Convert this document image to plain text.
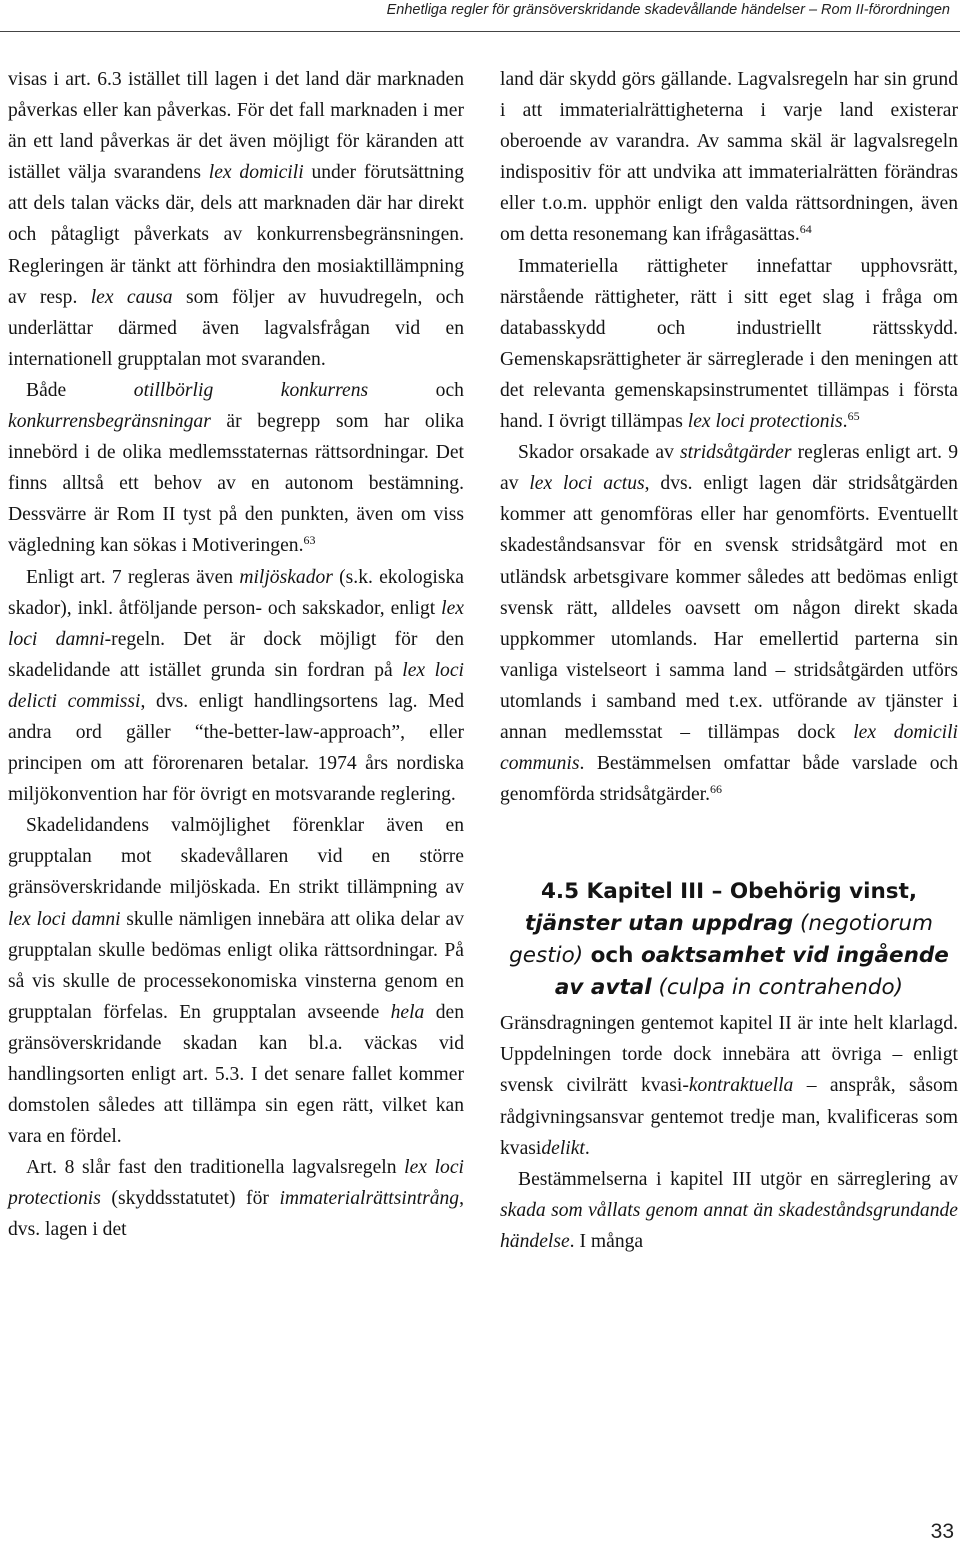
Enhetliga regler för gränsöverskridande skadevållande händelser – Rom II-förordningen

visas i art. 6.3 istället till lagen i det land där marknaden påverkas eller kan påverkas. För det fall marknaden i mer än ett land påverkas är det även möjligt för käranden att istället välja svarandens lex domicili under förutsättning att dels talan väcks där, dels att marknaden där har direkt och påtagligt påverkats av konkurrensbegränsningen. Regleringen är tänkt att förhindra den mosiaktillämpning av resp. lex causa som följer av huvudregeln, och underlättar därmed även lagvalsfrågan vid en internationell grupptalan mot svaranden.

Både otillbörlig konkurrens och konkurrensbegränsningar är begrepp som har olika innebörd i de olika medlemsstaternas rättsordningar. Det finns alltså ett behov av en autonom bestämning. Dessvärre är Rom II tyst på den punkten, även om viss vägledning kan sökas i Motiveringen.$^{63}$

Enligt art. 7 regleras även miljöskador (s.k. ekologiska skador), inkl. åtföljande person- och sakskador, enligt lex loci damni-regeln. Det är dock möjligt för den skadelidande att istället grunda sin fordran på lex loci delicti commissi, dvs. enligt handlingsortens lag. Med andra ord gäller “the-better-law-approach”, eller principen om att förorenaren betalar. 1974 års nordiska miljökonvention har för övrigt en motsvarande reglering.

Skadelidandens valmöjlighet förenklar även en grupptalan mot skadevållaren vid en större gränsöverskridande miljöskada. En strikt tillämpning av lex loci damni skulle nämligen innebära att olika delar av grupptalan skulle bedömas enligt olika rättsordningar. På så vis skulle de processekonomiska vinsterna genom en grupptalan förfelas. En grupptalan avseende hela den gränsöverskridande skadan kan bl.a. väckas vid handlingsorten enligt art. 5.3. I det senare fallet kommer domstolen således att tillämpa sin egen rätt, vilket kan vara en fördel.

Art. 8 slår fast den traditionella lagvalsregeln lex loci protectionis (skyddsstatutet) för immaterialrättsintrång, dvs. lagen i det

land där skydd görs gällande. Lagvalsregeln har sin grund i att immaterialrättigheterna i varje land existerar oberoende av varandra. Av samma skäl är lagvalsregeln indispositiv för att undvika att immaterialrätten förändras eller t.o.m. upphör enligt den valda rättsordningen, även om detta resonemang kan ifrågasättas.$^{64}$

Immateriella rättigheter innefattar upphovsrätt, närstående rättigheter, rätt i sitt eget slag i fråga om databasskydd och industriellt rättsskydd. Gemenskapsrättigheter är särreglerade i den meningen att det relevanta gemenskapsinstrumentet tillämpas i första hand. I övrigt tillämpas lex loci protectionis.$^{65}$

Skador orsakade av stridsåtgärder regleras enligt art. 9 av lex loci actus, dvs. enligt lagen där stridsåtgärden kommer att genomföras eller har genomförts. Eventuellt skadeståndsansvar för en svensk stridsåtgärd mot en utländsk arbetsgivare kommer således att bedömas enligt svensk rätt, alldeles oavsett om någon direkt skada uppkommer utomlands. Har emellertid parterna sin vanliga vistelseort i samma land – stridsåtgärden utförs utomlands i samband med t.ex. utförande av tjänster i annan medlemsstat – tillämpas dock lex domicili communis. Bestämmelsen omfattar både varslade och genomförda stridsåtgärder.$^{66}$

4.5 Kapitel III – Obehörig vinst, tjänster utan uppdrag (negotiorum gestio) och oaktsamhet vid ingående av avtal (culpa in contrahendo)

Gränsdragningen gentemot kapitel II är inte helt klarlagd. Uppdelningen torde dock innebära att övriga – enligt svensk civilrätt kvasi-kontraktuella – anspråk, såsom rådgivningsansvar gentemot tredje man, kvalificeras som kvasidelikt.

Bestämmelserna i kapitel III utgör en särreglering av skada som vållats genom annat än skadeståndsgrundande händelse. I många

33
